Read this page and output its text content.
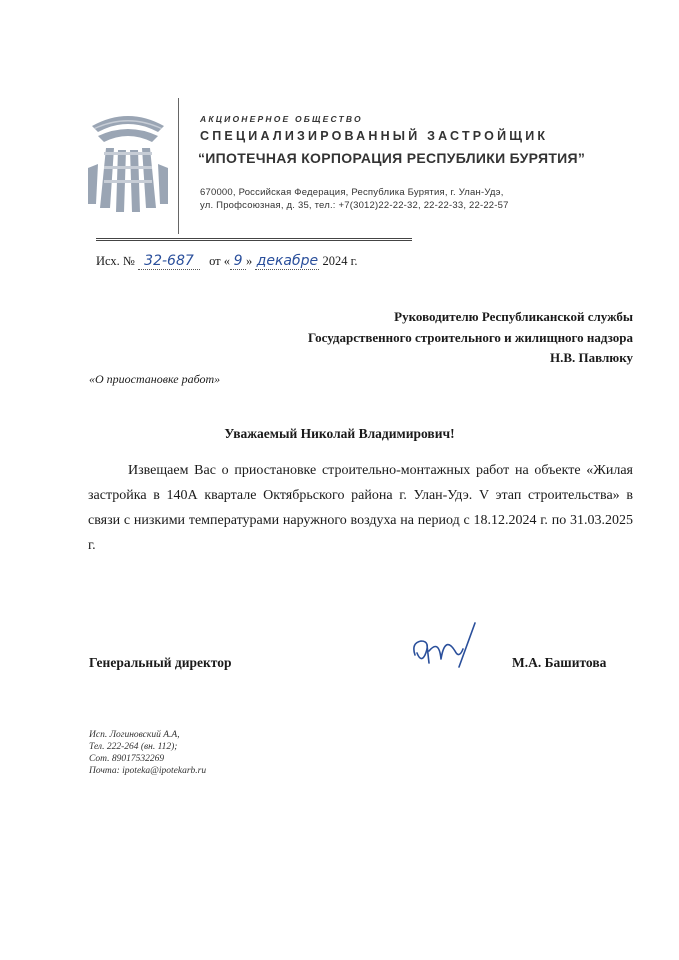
АКЦИОНЕРНОЕ ОБЩЕСТВО
СПЕЦИАЛИЗИРОВАННЫЙ ЗАСТРОЙЩИК
“ИПОТЕЧНАЯ КОРПОРАЦИЯ РЕСПУБЛИКИ БУРЯТИЯ”
670000, Российская Федерация, Республика Бурятия, г. Улан-Удэ,
ул. Профсоюзная, д. 35, тел.: +7(3012)22-22-32, 22-22-33, 22-22-57
Исх. № 32-687 от « 9 » декабре 2024 г.
Руководителю Республиканской службы
Государственного строительного и жилищного надзора
Н.В. Павлюку
«О приостановке работ»
Уважаемый Николай Владимирович!

Извещаем Вас о приостановке строительно-монтажных работ на объекте «Жилая застройка в 140А квартале Октябрьского района г. Улан-Удэ. V этап строительства» в связи с низкими температурами наружного воздуха на период с 18.12.2024 г. по 31.03.2025 г.

Генеральный директор	М.А. Башитова
Исп. Логиновский А.А,
Тел. 222-264 (вн. 112);
Сот. 89017532269
Почта: ipoteka@ipotekarb.ru
